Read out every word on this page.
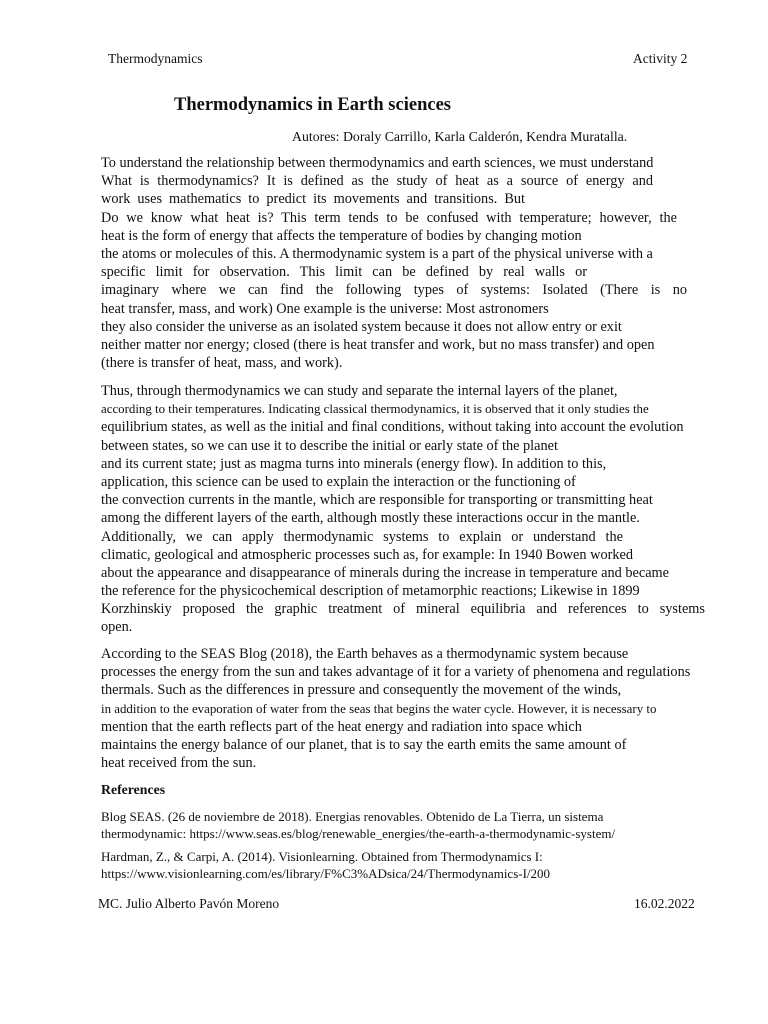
Thermodynamics	Activity 2
Thermodynamics in Earth sciences
Autores: Doraly Carrillo, Karla Calderón, Kendra Muratalla.
To understand the relationship between thermodynamics and earth sciences, we must understand
What is thermodynamics? It is defined as the study of heat as a source of energy and
work uses mathematics to predict its movements and transitions. But
Do we know what heat is? This term tends to be confused with temperature; however, the
heat is the form of energy that affects the temperature of bodies by changing motion
the atoms or molecules of this. A thermodynamic system is a part of the physical universe with a
specific limit for observation. This limit can be defined by real walls or
imaginary where we can find the following types of systems: Isolated (There is no
heat transfer, mass, and work) One example is the universe: Most astronomers
they also consider the universe as an isolated system because it does not allow entry or exit
neither matter nor energy; closed (there is heat transfer and work, but no mass transfer) and open
(there is transfer of heat, mass, and work).
Thus, through thermodynamics we can study and separate the internal layers of the planet,
according to their temperatures. Indicating classical thermodynamics, it is observed that it only studies the
equilibrium states, as well as the initial and final conditions, without taking into account the evolution
between states, so we can use it to describe the initial or early state of the planet
and its current state; just as magma turns into minerals (energy flow). In addition to this,
application, this science can be used to explain the interaction or the functioning of
the convection currents in the mantle, which are responsible for transporting or transmitting heat
among the different layers of the earth, although mostly these interactions occur in the mantle.
Additionally, we can apply thermodynamic systems to explain or understand the
climatic, geological and atmospheric processes such as, for example: In 1940 Bowen worked
about the appearance and disappearance of minerals during the increase in temperature and became
the reference for the physicochemical description of metamorphic reactions; Likewise in 1899
Korzhinskiy proposed the graphic treatment of mineral equilibria and references to systems
open.
According to the SEAS Blog (2018), the Earth behaves as a thermodynamic system because
processes the energy from the sun and takes advantage of it for a variety of phenomena and regulations
thermals. Such as the differences in pressure and consequently the movement of the winds,
in addition to the evaporation of water from the seas that begins the water cycle. However, it is necessary to
mention that the earth reflects part of the heat energy and radiation into space which
maintains the energy balance of our planet, that is to say the earth emits the same amount of
heat received from the sun.
References
Blog SEAS. (26 de noviembre de 2018). Energias renovables. Obtenido de La Tierra, un sistema
thermodynamic: https://www.seas.es/blog/renewable_energies/the-earth-a-thermodynamic-system/
Hardman, Z., & Carpi, A. (2014). Visionlearning. Obtained from Thermodynamics I:
https://www.visionlearning.com/es/library/F%C3%ADsica/24/Thermodynamics-I/200
MC. Julio Alberto Pavón Moreno	16.02.2022
